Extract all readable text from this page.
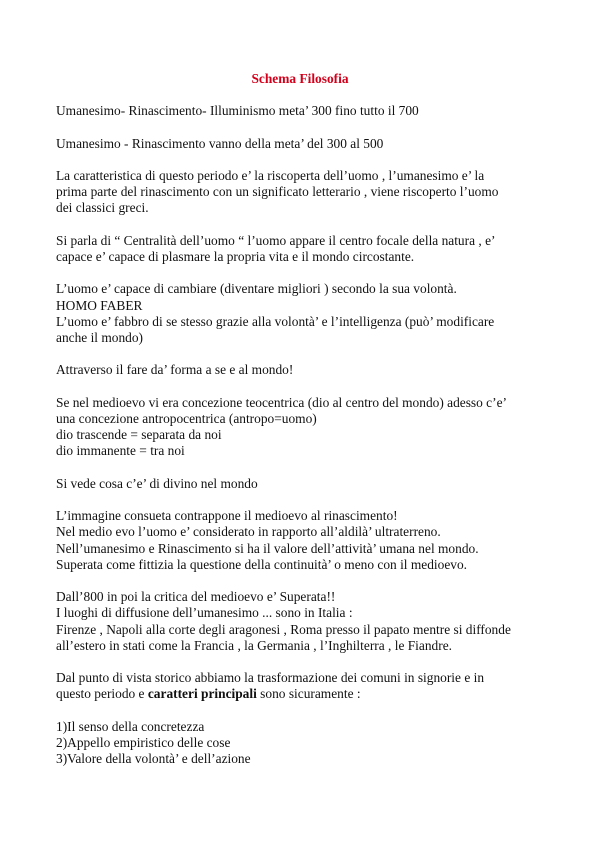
Schema Filosofia

Umanesimo- Rinascimento- Illuminismo meta’ 300 fino tutto il 700

Umanesimo - Rinascimento vanno della meta’ del 300 al 500

La caratteristica di questo periodo e’ la riscoperta dell’uomo , l’umanesimo e’ la
prima parte del rinascimento con un significato letterario , viene riscoperto l’uomo
dei classici greci.

Si parla di “ Centralità dell’uomo “ l’uomo appare il centro focale della natura , e’
capace e’ capace di plasmare la propria vita e il mondo circostante.

L’uomo e’ capace di cambiare (diventare migliori ) secondo la sua volontà.
HOMO FABER
L’uomo e’ fabbro di se stesso grazie alla volontà’ e l’intelligenza (può’ modificare
anche il mondo)

Attraverso il fare da’ forma a se e al mondo!

Se nel medioevo vi era concezione teocentrica (dio al centro del mondo) adesso c’e’
una concezione antropocentrica (antropo=uomo)
dio trascende = separata da noi
dio immanente = tra noi

Si vede cosa c’e’ di divino nel mondo

L’immagine consueta contrappone il medioevo al rinascimento!
Nel medio evo l’uomo e’ considerato in rapporto all’aldilà’ ultraterreno.
Nell’umanesimo e Rinascimento si ha il valore dell’attività’ umana nel mondo.
Superata come fittizia la questione della continuità’ o meno con il medioevo.

Dall’800 in poi la critica del medioevo e’ Superata!!
I luoghi di diffusione dell’umanesimo ... sono in Italia :
Firenze , Napoli alla corte degli aragonesi , Roma presso il papato mentre si diffonde
all’estero in stati come la Francia , la Germania , l’Inghilterra , le Fiandre.

Dal punto di vista storico abbiamo la trasformazione dei comuni in signorie e in
questo periodo e caratteri principali sono sicuramente :

1)Il senso della concretezza
2)Appello empiristico delle cose
3)Valore della volontà’ e dell’azione
